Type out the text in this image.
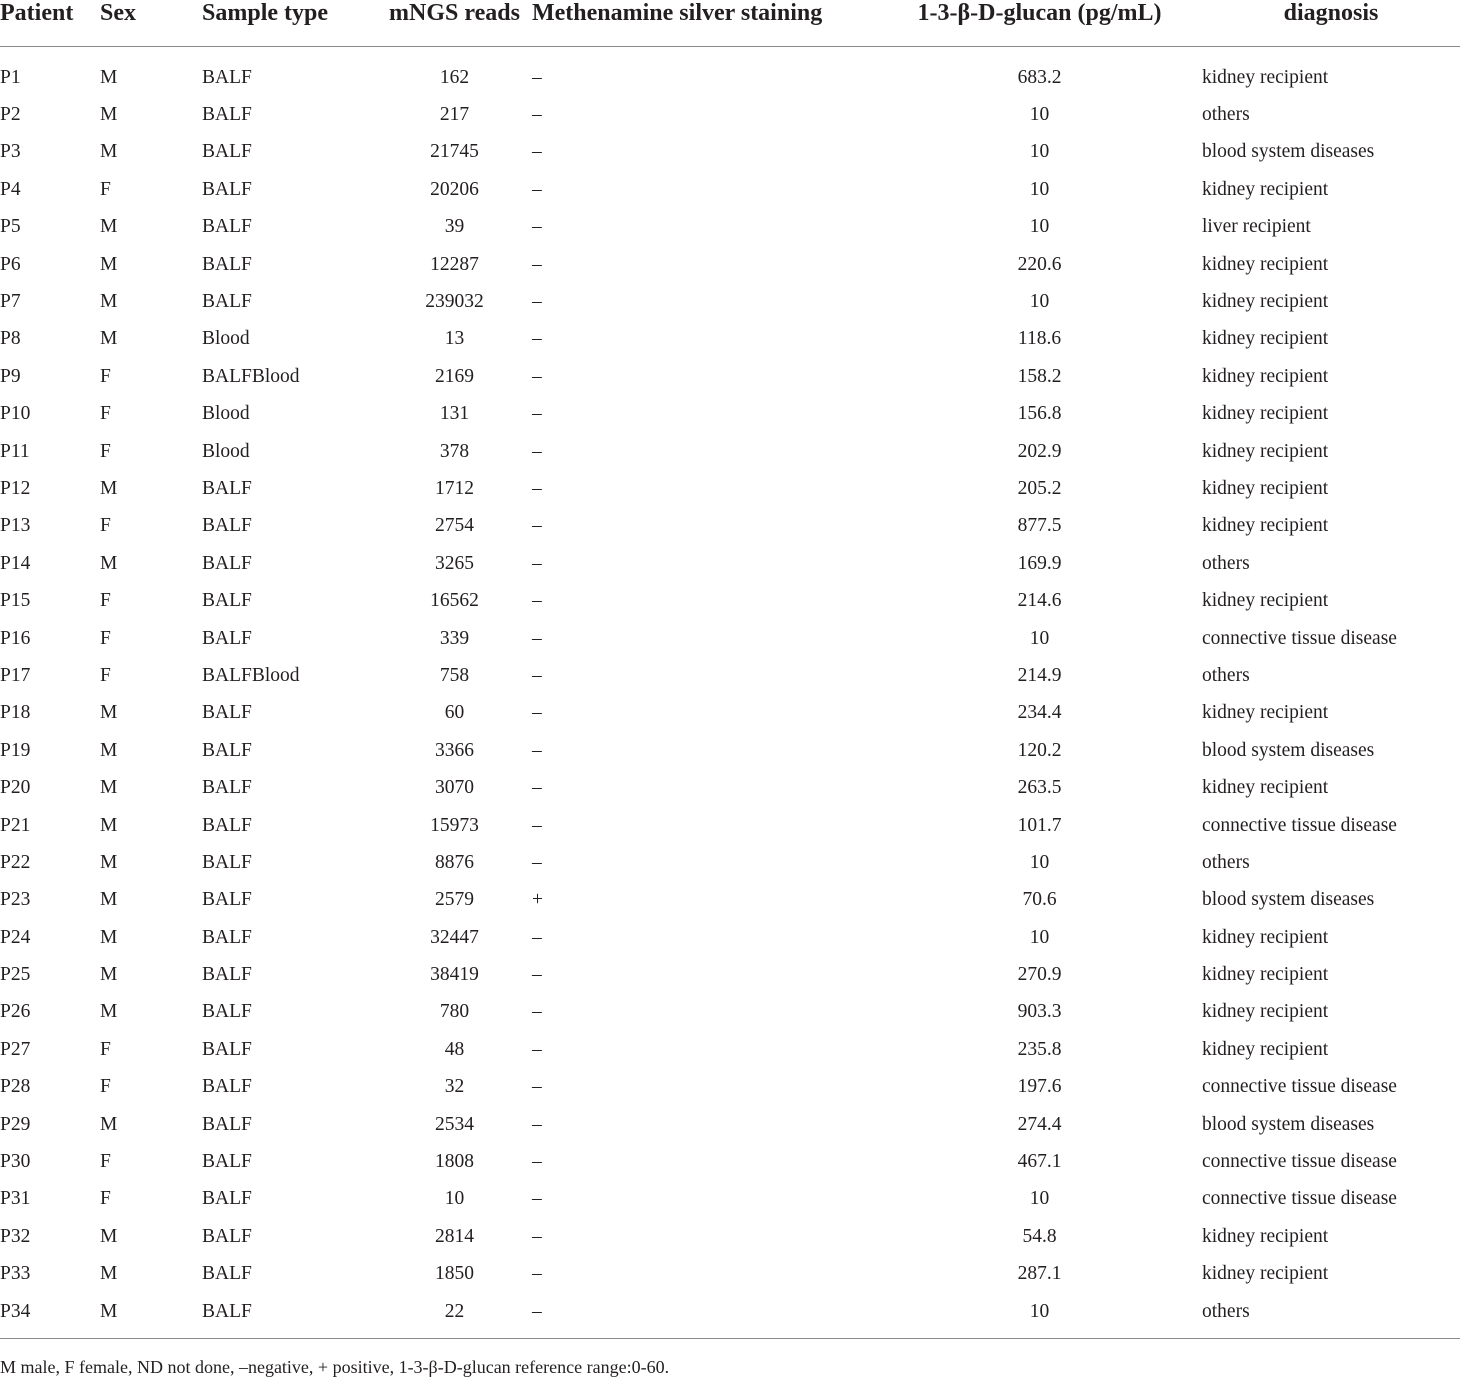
Patient	Sex	Sample type	mNGS reads	Methenamine silver staining	1-3-β-D-glucan (pg/mL)	diagnosis
P1	M	BALF	162	–	683.2	kidney recipient
P2	M	BALF	217	–	10	others
P3	M	BALF	21745	–	10	blood system diseases
P4	F	BALF	20206	–	10	kidney recipient
P5	M	BALF	39	–	10	liver recipient
P6	M	BALF	12287	–	220.6	kidney recipient
P7	M	BALF	239032	–	10	kidney recipient
P8	M	Blood	13	–	118.6	kidney recipient
P9	F	BALFBlood	2169	–	158.2	kidney recipient
P10	F	Blood	131	–	156.8	kidney recipient
P11	F	Blood	378	–	202.9	kidney recipient
P12	M	BALF	1712	–	205.2	kidney recipient
P13	F	BALF	2754	–	877.5	kidney recipient
P14	M	BALF	3265	–	169.9	others
P15	F	BALF	16562	–	214.6	kidney recipient
P16	F	BALF	339	–	10	connective tissue disease
P17	F	BALFBlood	758	–	214.9	others
P18	M	BALF	60	–	234.4	kidney recipient
P19	M	BALF	3366	–	120.2	blood system diseases
P20	M	BALF	3070	–	263.5	kidney recipient
P21	M	BALF	15973	–	101.7	connective tissue disease
P22	M	BALF	8876	–	10	others
P23	M	BALF	2579	+	70.6	blood system diseases
P24	M	BALF	32447	–	10	kidney recipient
P25	M	BALF	38419	–	270.9	kidney recipient
P26	M	BALF	780	–	903.3	kidney recipient
P27	F	BALF	48	–	235.8	kidney recipient
P28	F	BALF	32	–	197.6	connective tissue disease
P29	M	BALF	2534	–	274.4	blood system diseases
P30	F	BALF	1808	–	467.1	connective tissue disease
P31	F	BALF	10	–	10	connective tissue disease
P32	M	BALF	2814	–	54.8	kidney recipient
P33	M	BALF	1850	–	287.1	kidney recipient
P34	M	BALF	22	–	10	others
M male, F female, ND not done, –negative, + positive, 1-3-β-D-glucan reference range:0-60.
